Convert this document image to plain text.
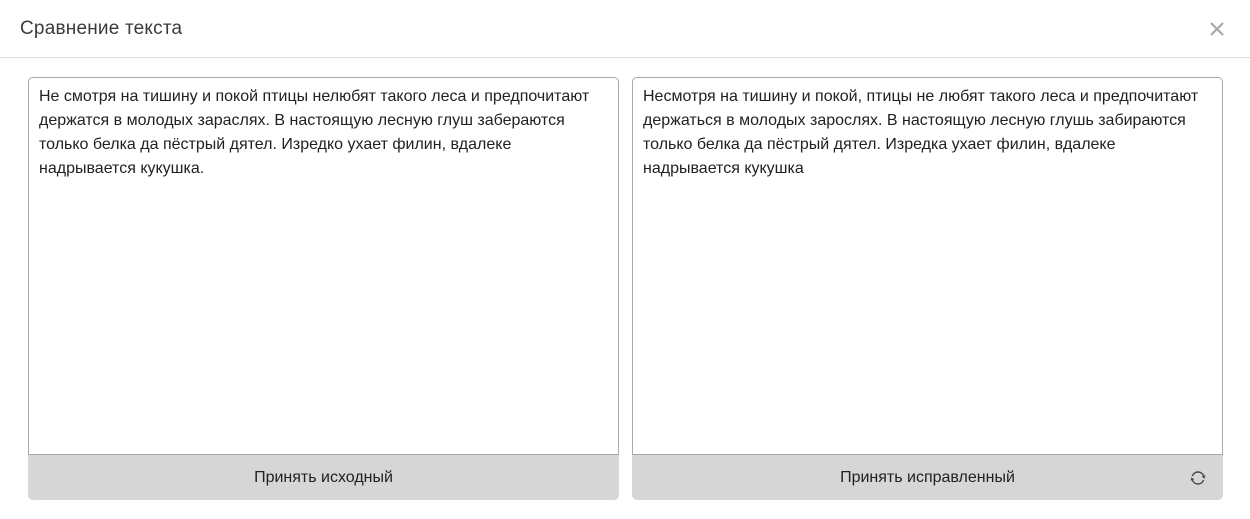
Сравнение текста
Не смотря на тишину и покой птицы нелюбят такого леса и предпочитают держатся в молодых зараслях. В настоящую лесную глуш забераются только белка да пёстрый дятел. Изредко ухает филин, вдалеке надрывается кукушка.
Принять исходный
Несмотря на тишину и покой, птицы не любят такого леса и предпочитают держаться в молодых зарослях. В настоящую лесную глушь забираются только белка да пёстрый дятел. Изредка ухает филин, вдалеке надрывается кукушка
Принять исправленный
